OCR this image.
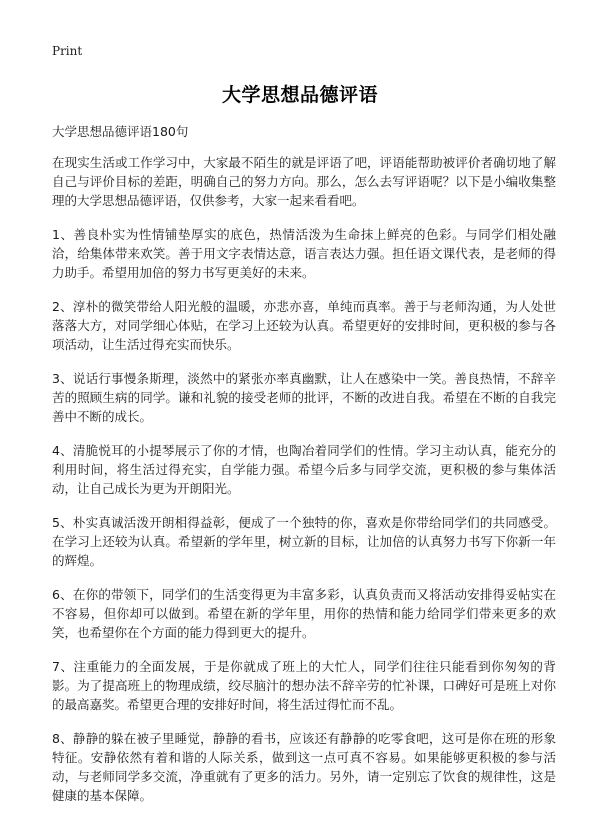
Print
大学思想品德评语
大学思想品德评语180句

在现实生活或工作学习中，大家最不陌生的就是评语了吧，评语能帮助被评价者确切地了解自己与评价目标的差距，明确自己的努力方向。那么，怎么去写评语呢？以下是小编收集整理的大学思想品德评语，仅供参考，大家一起来看看吧。

1、善良朴实为性情铺垫厚实的底色，热情活泼为生命抹上鲜亮的色彩。与同学们相处融洽，给集体带来欢笑。善于用文字表情达意，语言表达力强。担任语文课代表，是老师的得力助手。希望用加倍的努力书写更美好的未来。

2、淳朴的微笑带给人阳光般的温暖，亦悲亦喜，单纯而真率。善于与老师沟通，为人处世落落大方，对同学细心体贴，在学习上还较为认真。希望更好的安排时间，更积极的参与各项活动，让生活过得充实而快乐。

3、说话行事慢条斯理，淡然中的紧张亦率真幽默，让人在感染中一笑。善良热情，不辞辛苦的照顾生病的同学。谦和礼貌的接受老师的批评，不断的改进自我。希望在不断的自我完善中不断的成长。

4、清脆悦耳的小提琴展示了你的才情，也陶冶着同学们的性情。学习主动认真，能充分的利用时间，将生活过得充实，自学能力强。希望今后多与同学交流，更积极的参与集体活动，让自己成长为更为开朗阳光。

5、朴实真诚活泼开朗相得益彰，便成了一个独特的你，喜欢是你带给同学们的共同感受。在学习上还较为认真。希望新的学年里，树立新的目标，让加倍的认真努力书写下你新一年的辉煌。

6、在你的带领下，同学们的生活变得更为丰富多彩，认真负责而又将活动安排得妥帖实在不容易，但你却可以做到。希望在新的学年里，用你的热情和能力给同学们带来更多的欢笑，也希望你在个方面的能力得到更大的提升。

7、注重能力的全面发展，于是你就成了班上的大忙人，同学们往往只能看到你匆匆的背影。为了提高班上的物理成绩，绞尽脑汁的想办法不辞辛劳的忙补课，口碑好可是班上对你的最高嘉奖。希望更合理的安排好时间，将生活过得忙而不乱。

8、静静的躲在被子里睡觉，静静的看书，应该还有静静的吃零食吧，这可是你在班的形象特征。安静依然有着和谐的人际关系，做到这一点可真不容易。如果能够更积极的参与活动，与老师同学多交流，净重就有了更多的活力。另外，请一定别忘了饮食的规律性，这是健康的基本保障。
